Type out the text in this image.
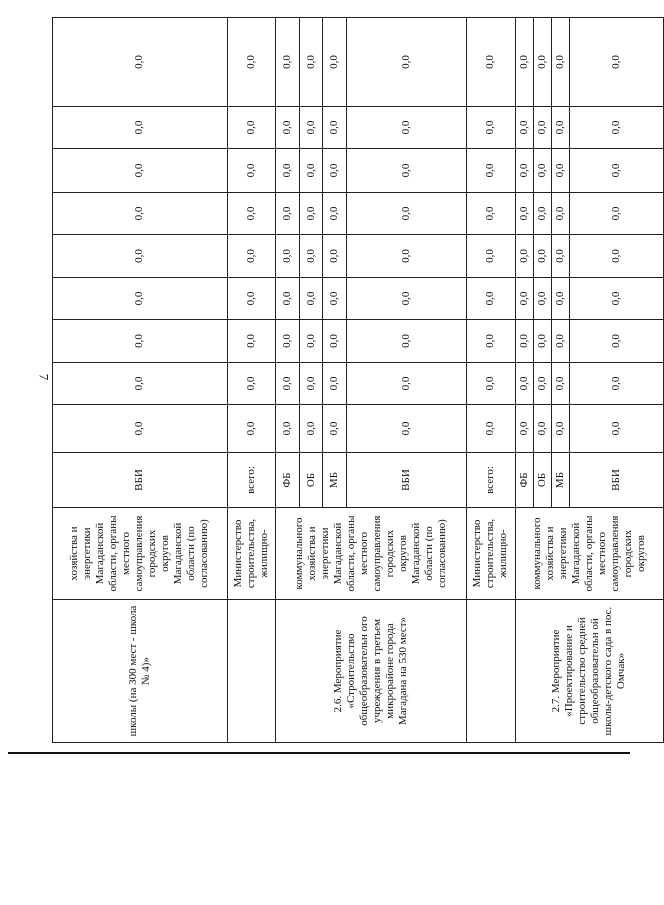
7
школы (на 300 мест - школа № 4)»	хозяйства и энергетики Магаданской области, органы местного самоуправления городских округов Магаданской области (по согласованию)	ВБИ	0,0	0,0	0,0	0,0	0,0	0,0	0,0	0,0	0,0
	Министерство строительства, жилищно-	всего:	0,0	0,0	0,0	0,0	0,0	0,0	0,0	0,0	0,0
2.6. Мероприятие «Строительство общеобразовательн ого учреждения в третьем микрорайоне города Магадана на 530 мест»	коммунального хозяйства и энергетики Магаданской области, органы местного самоуправления городских округов Магаданской области (по согласованию)	ФБ	0,0	0,0	0,0	0,0	0,0	0,0	0,0	0,0	0,0
		ОБ	0,0	0,0	0,0	0,0	0,0	0,0	0,0	0,0	0,0
		МБ	0,0	0,0	0,0	0,0	0,0	0,0	0,0	0,0	0,0
		ВБИ	0,0	0,0	0,0	0,0	0,0	0,0	0,0	0,0	0,0
	Министерство строительства, жилищно-	всего:	0,0	0,0	0,0	0,0	0,0	0,0	0,0	0,0	0,0
2.7. Мероприятие «Проектирование и строительство средней общеобразовательн ой школы-детского сада в пос. Омчак»	коммунального хозяйства и энергетики Магаданской области, органы местного самоуправления городских округов	ФБ	0,0	0,0	0,0	0,0	0,0	0,0	0,0	0,0	0,0
		ОБ	0,0	0,0	0,0	0,0	0,0	0,0	0,0	0,0	0,0
		МБ	0,0	0,0	0,0	0,0	0,0	0,0	0,0	0,0	0,0
		ВБИ	0,0	0,0	0,0	0,0	0,0	0,0	0,0	0,0	0,0
